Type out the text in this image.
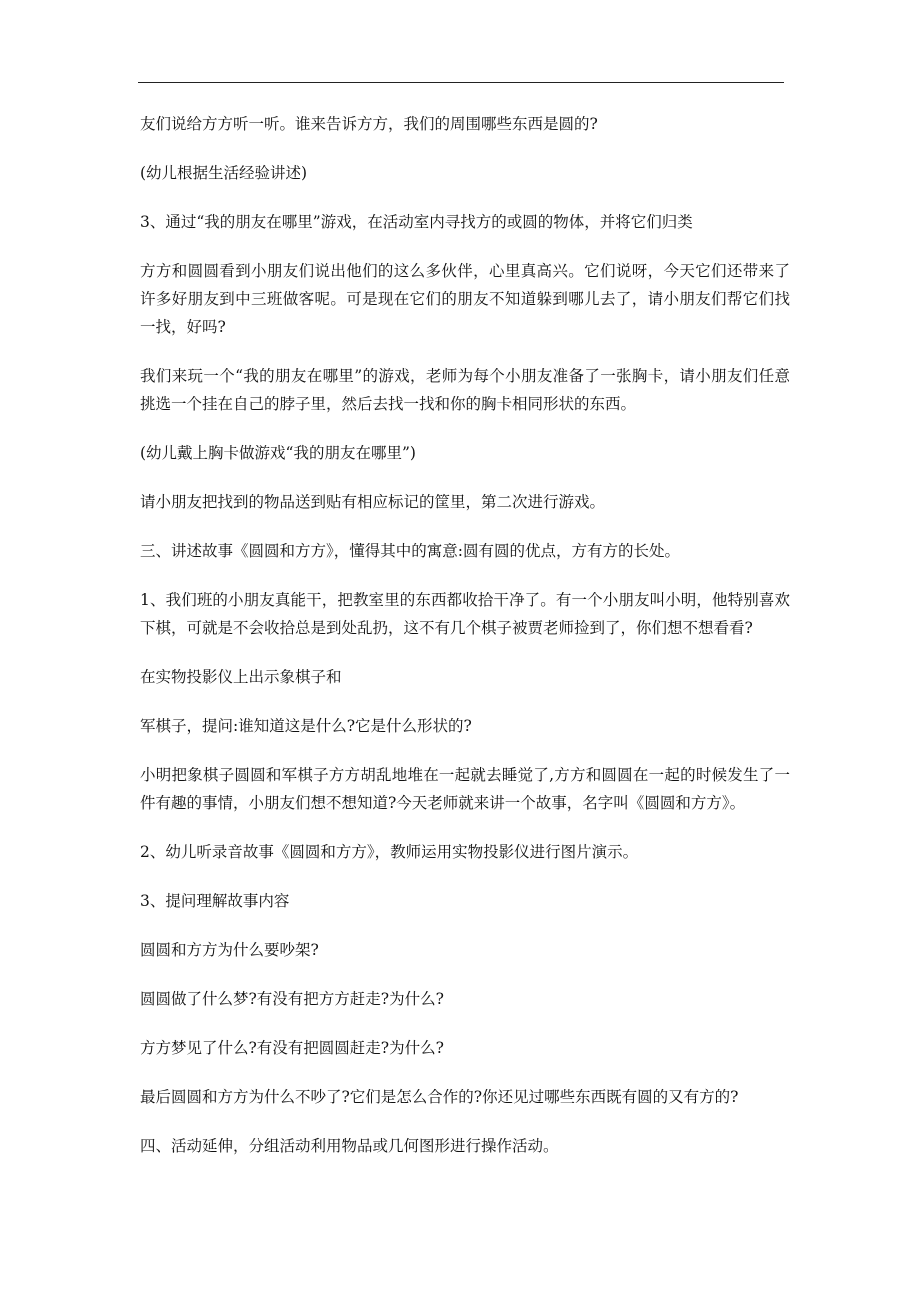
友们说给方方听一听。谁来告诉方方，我们的周围哪些东西是圆的?

(幼儿根据生活经验讲述)

3、通过“我的朋友在哪里”游戏，在活动室内寻找方的或圆的物体，并将它们归类

方方和圆圆看到小朋友们说出他们的这么多伙伴，心里真高兴。它们说呀，今天它们还带来了许多好朋友到中三班做客呢。可是现在它们的朋友不知道躲到哪儿去了，请小朋友们帮它们找一找，好吗?

我们来玩一个“我的朋友在哪里”的游戏，老师为每个小朋友准备了一张胸卡，请小朋友们任意挑选一个挂在自己的脖子里，然后去找一找和你的胸卡相同形状的东西。

(幼儿戴上胸卡做游戏“我的朋友在哪里”)

请小朋友把找到的物品送到贴有相应标记的筐里，第二次进行游戏。

三、讲述故事《圆圆和方方》，懂得其中的寓意:圆有圆的优点，方有方的长处。

1、我们班的小朋友真能干，把教室里的东西都收拾干净了。有一个小朋友叫小明，他特别喜欢下棋，可就是不会收拾总是到处乱扔，这不有几个棋子被贾老师捡到了，你们想不想看看?

在实物投影仪上出示象棋子和

军棋子，提问:谁知道这是什么?它是什么形状的?

小明把象棋子圆圆和军棋子方方胡乱地堆在一起就去睡觉了,方方和圆圆在一起的时候发生了一件有趣的事情，小朋友们想不想知道?今天老师就来讲一个故事，名字叫《圆圆和方方》。

2、幼儿听录音故事《圆圆和方方》，教师运用实物投影仪进行图片演示。

3、提问理解故事内容

圆圆和方方为什么要吵架?

圆圆做了什么梦?有没有把方方赶走?为什么?

方方梦见了什么?有没有把圆圆赶走?为什么?

最后圆圆和方方为什么不吵了?它们是怎么合作的?你还见过哪些东西既有圆的又有方的?

四、活动延伸，分组活动利用物品或几何图形进行操作活动。
